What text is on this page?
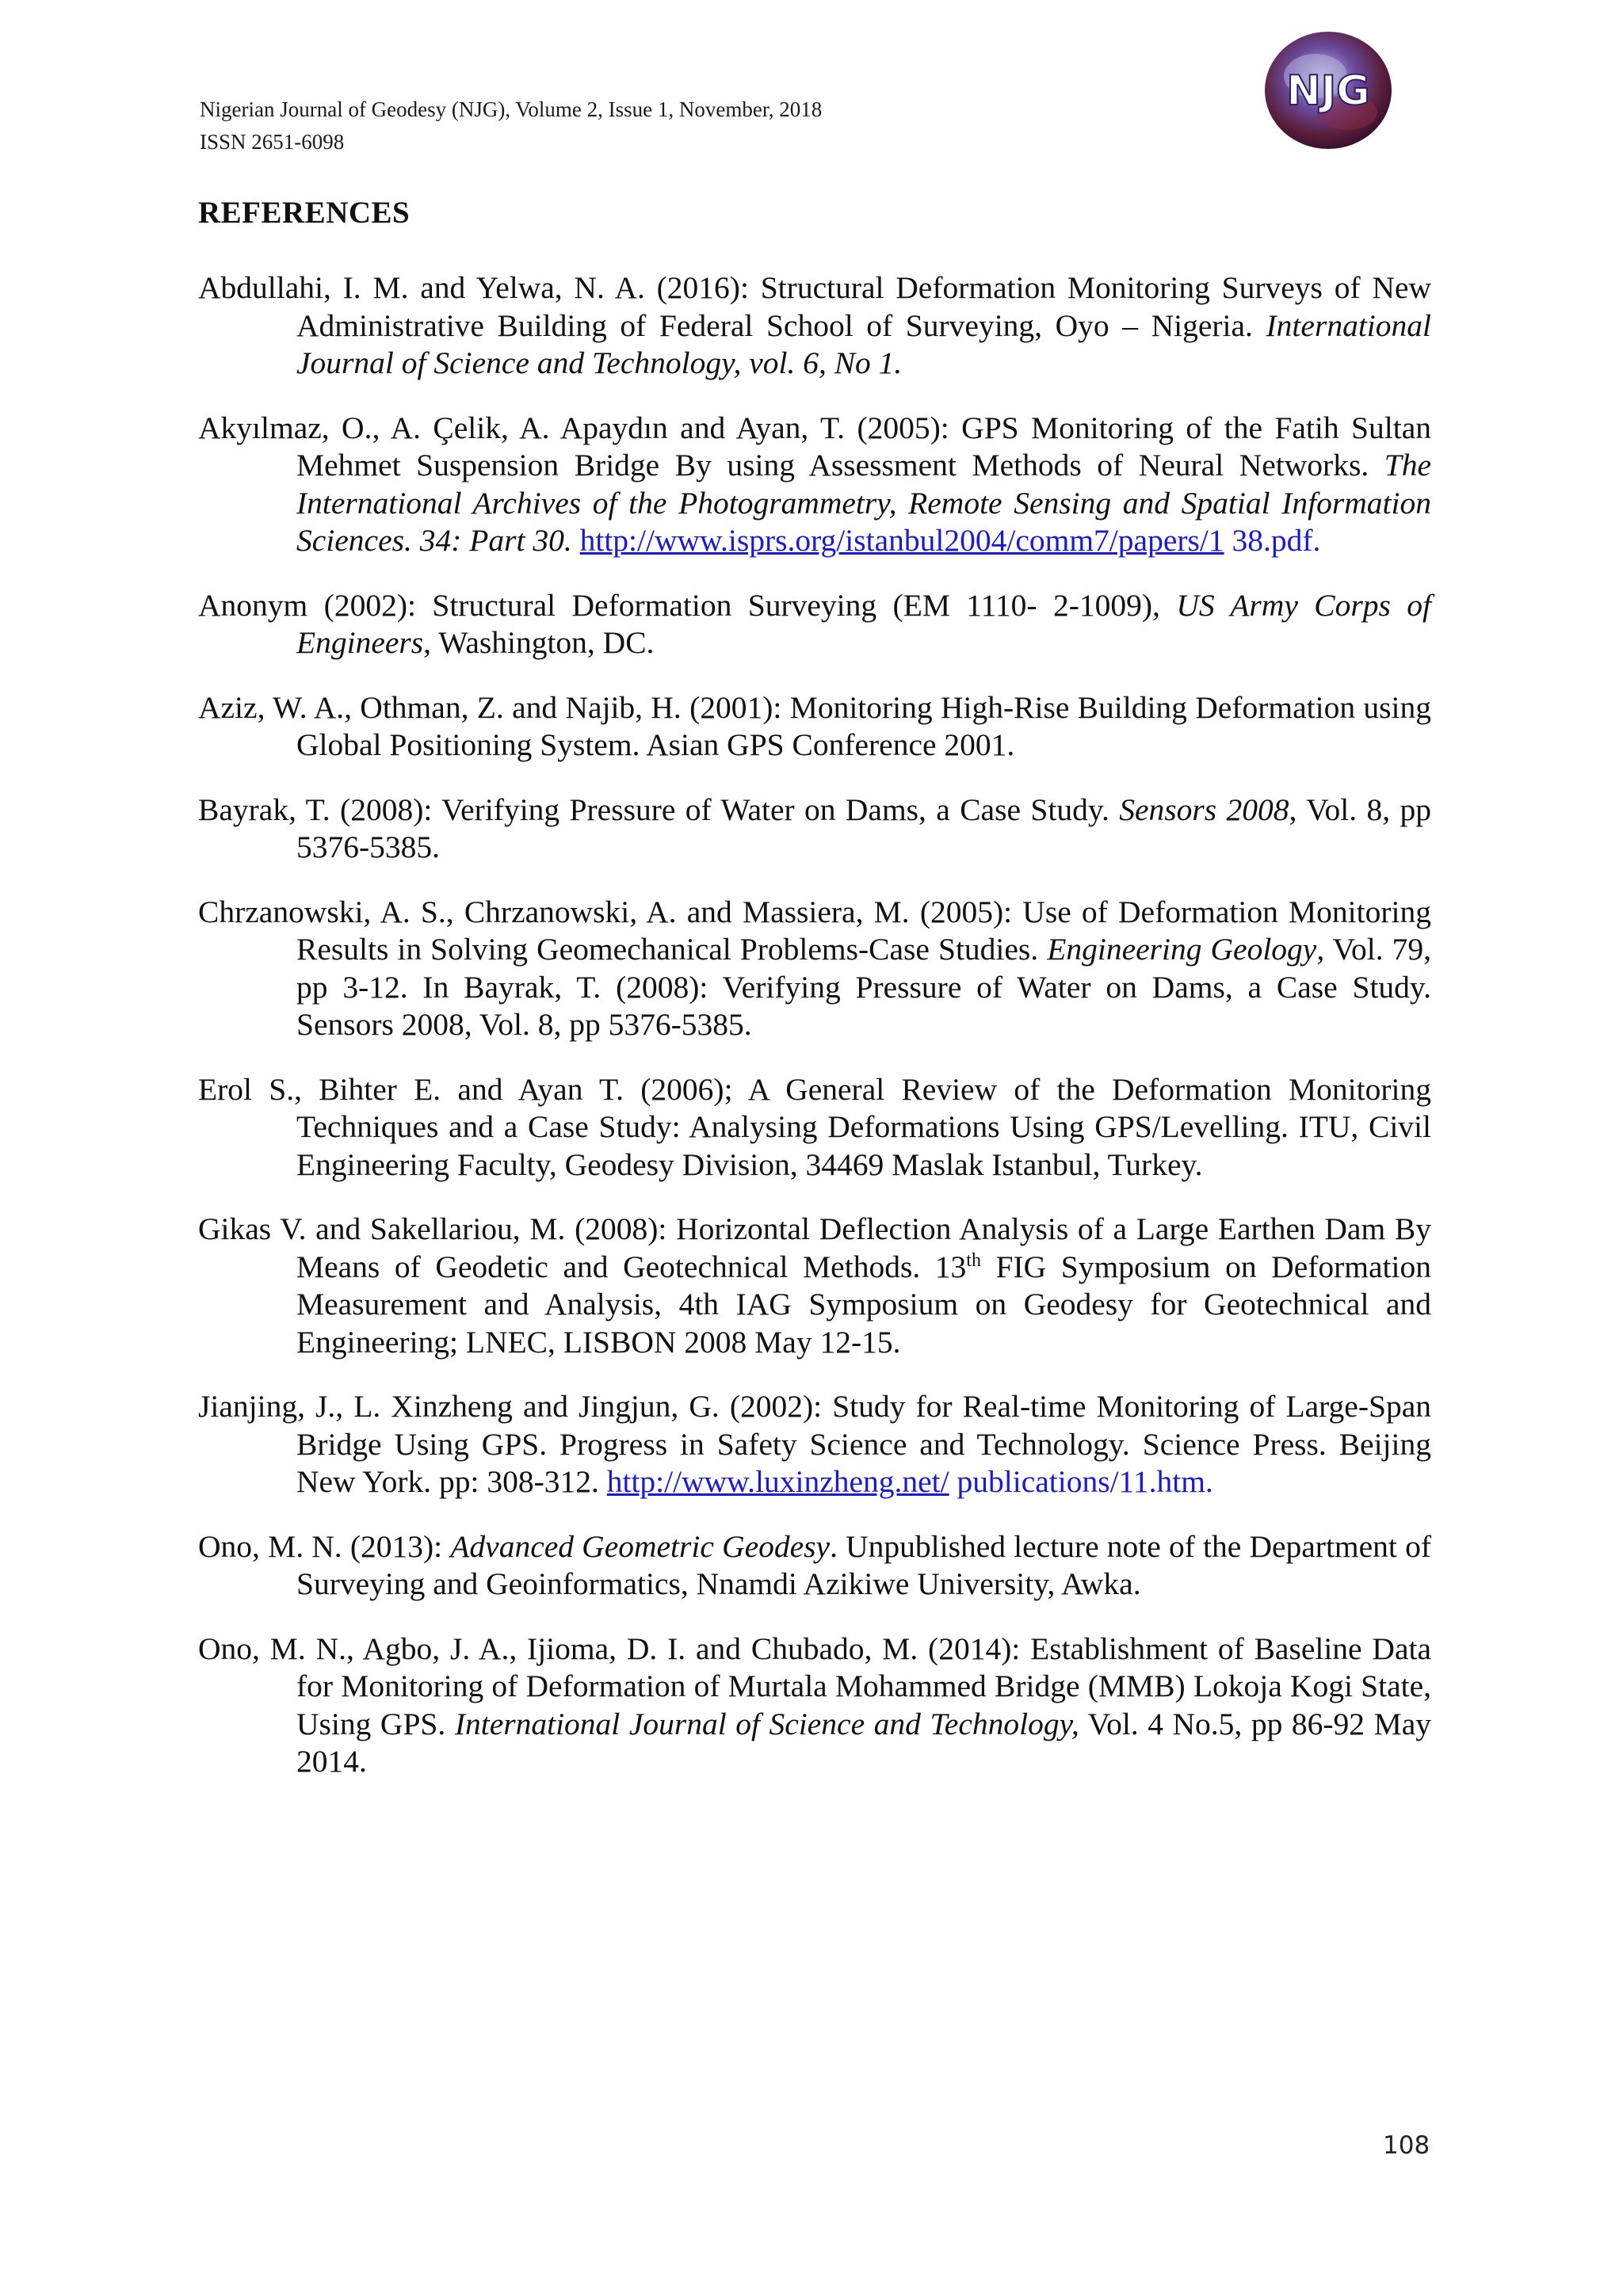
Nigerian Journal of Geodesy (NJG), Volume 2, Issue 1, November, 2018
ISSN 2651-6098
NJG
REFERENCES

Abdullahi, I. M. and Yelwa, N. A. (2016): Structural Deformation Monitoring Surveys of New Administrative Building of Federal School of Surveying, Oyo – Nigeria. International Journal of Science and Technology, vol. 6, No 1.

Akyılmaz, O., A. Çelik, A. Apaydın and Ayan, T. (2005): GPS Monitoring of the Fatih Sultan Mehmet Suspension Bridge By using Assessment Methods of Neural Networks. The International Archives of the Photogrammetry, Remote Sensing and Spatial Information Sciences. 34: Part 30. http://www.isprs.org/istanbul2004/comm7/papers/1 38.pdf.

Anonym (2002): Structural Deformation Surveying (EM 1110- 2-1009), US Army Corps of Engineers, Washington, DC.

Aziz, W. A., Othman, Z. and Najib, H. (2001): Monitoring High-Rise Building Deformation using Global Positioning System. Asian GPS Conference 2001.

Bayrak, T. (2008): Verifying Pressure of Water on Dams, a Case Study. Sensors 2008, Vol. 8, pp 5376-5385.

Chrzanowski, A. S., Chrzanowski, A. and Massiera, M. (2005): Use of Deformation Monitoring Results in Solving Geomechanical Problems-Case Studies. Engineering Geology, Vol. 79, pp 3-12. In Bayrak, T. (2008): Verifying Pressure of Water on Dams, a Case Study. Sensors 2008, Vol. 8, pp 5376-5385.

Erol S., Bihter E. and Ayan T. (2006); A General Review of the Deformation Monitoring Techniques and a Case Study: Analysing Deformations Using GPS/Levelling. ITU, Civil Engineering Faculty, Geodesy Division, 34469 Maslak Istanbul, Turkey.

Gikas V. and Sakellariou, M. (2008): Horizontal Deflection Analysis of a Large Earthen Dam By Means of Geodetic and Geotechnical Methods. 13th FIG Symposium on Deformation Measurement and Analysis, 4th IAG Symposium on Geodesy for Geotechnical and Engineering; LNEC, LISBON 2008 May 12-15.

Jianjing, J., L. Xinzheng and Jingjun, G. (2002): Study for Real-time Monitoring of Large-Span Bridge Using GPS. Progress in Safety Science and Technology. Science Press. Beijing New York. pp: 308-312. http://www.luxinzheng.net/ publications/11.htm.

Ono, M. N. (2013): Advanced Geometric Geodesy. Unpublished lecture note of the Department of Surveying and Geoinformatics, Nnamdi Azikiwe University, Awka.

Ono, M. N., Agbo, J. A., Ijioma, D. I. and Chubado, M. (2014): Establishment of Baseline Data for Monitoring of Deformation of Murtala Mohammed Bridge (MMB) Lokoja Kogi State, Using GPS. International Journal of Science and Technology, Vol. 4 No.5, pp 86-92 May 2014.

108
